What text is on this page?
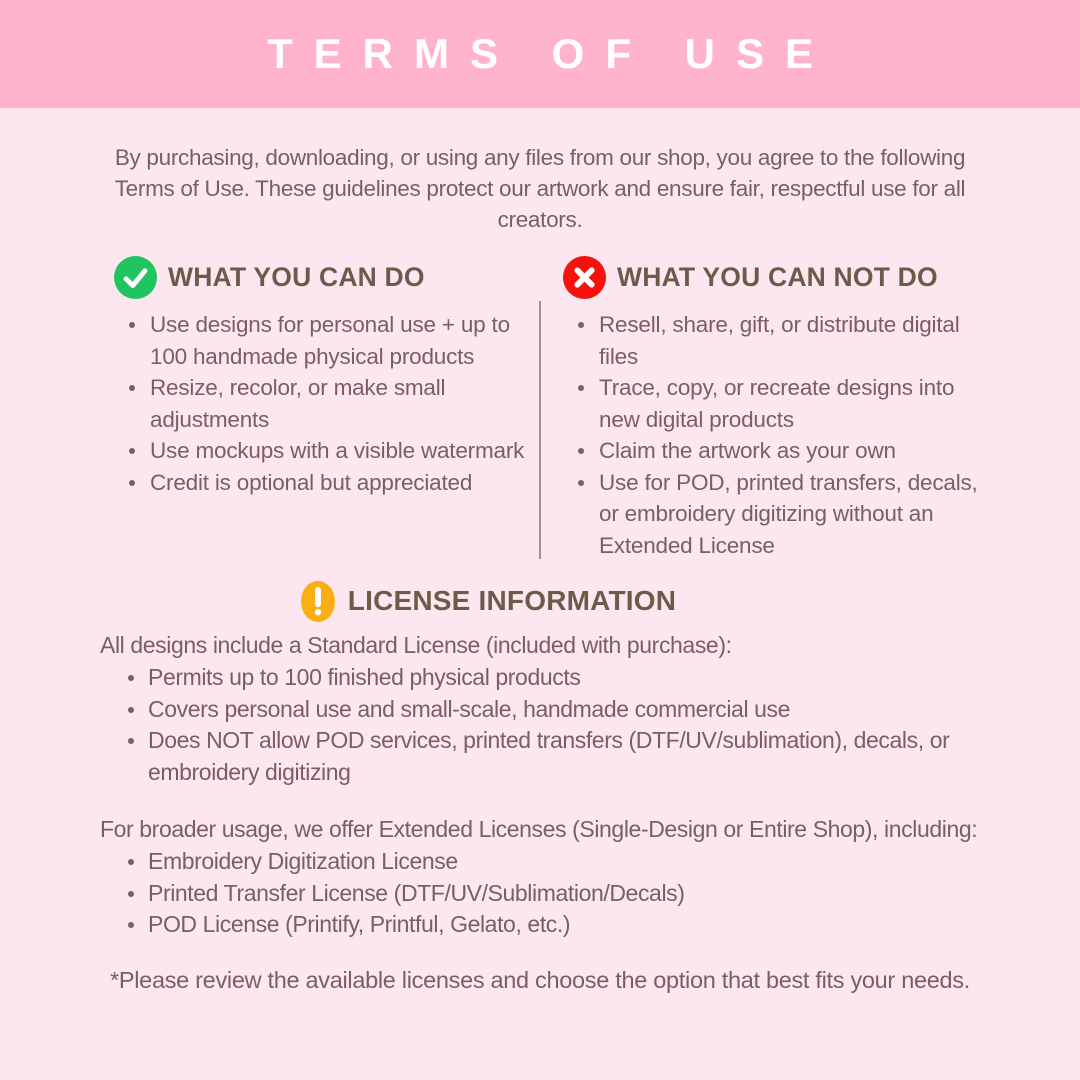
TERMS OF USE

By purchasing, downloading, or using any files from our shop, you agree to the following Terms of Use. These guidelines protect our artwork and ensure fair, respectful use for all creators.

WHAT YOU CAN DO
Use designs for personal use + up to 100 handmade physical products
Resize, recolor, or make small adjustments
Use mockups with a visible watermark
Credit is optional but appreciated
WHAT YOU CAN NOT DO
Resell, share, gift, or distribute digital files
Trace, copy, or recreate designs into new digital products
Claim the artwork as your own
Use for POD, printed transfers, decals, or embroidery digitizing without an Extended License
LICENSE INFORMATION

All designs include a Standard License (included with purchase):

Permits up to 100 finished physical products
Covers personal use and small-scale, handmade commercial use
Does NOT allow POD services, printed transfers (DTF/UV/sublimation), decals, or embroidery digitizing

For broader usage, we offer Extended Licenses (Single-Design or Entire Shop), including:

Embroidery Digitization License
Printed Transfer License (DTF/UV/Sublimation/Decals)
POD License (Printify, Printful, Gelato, etc.)

*Please review the available licenses and choose the option that best fits your needs.
